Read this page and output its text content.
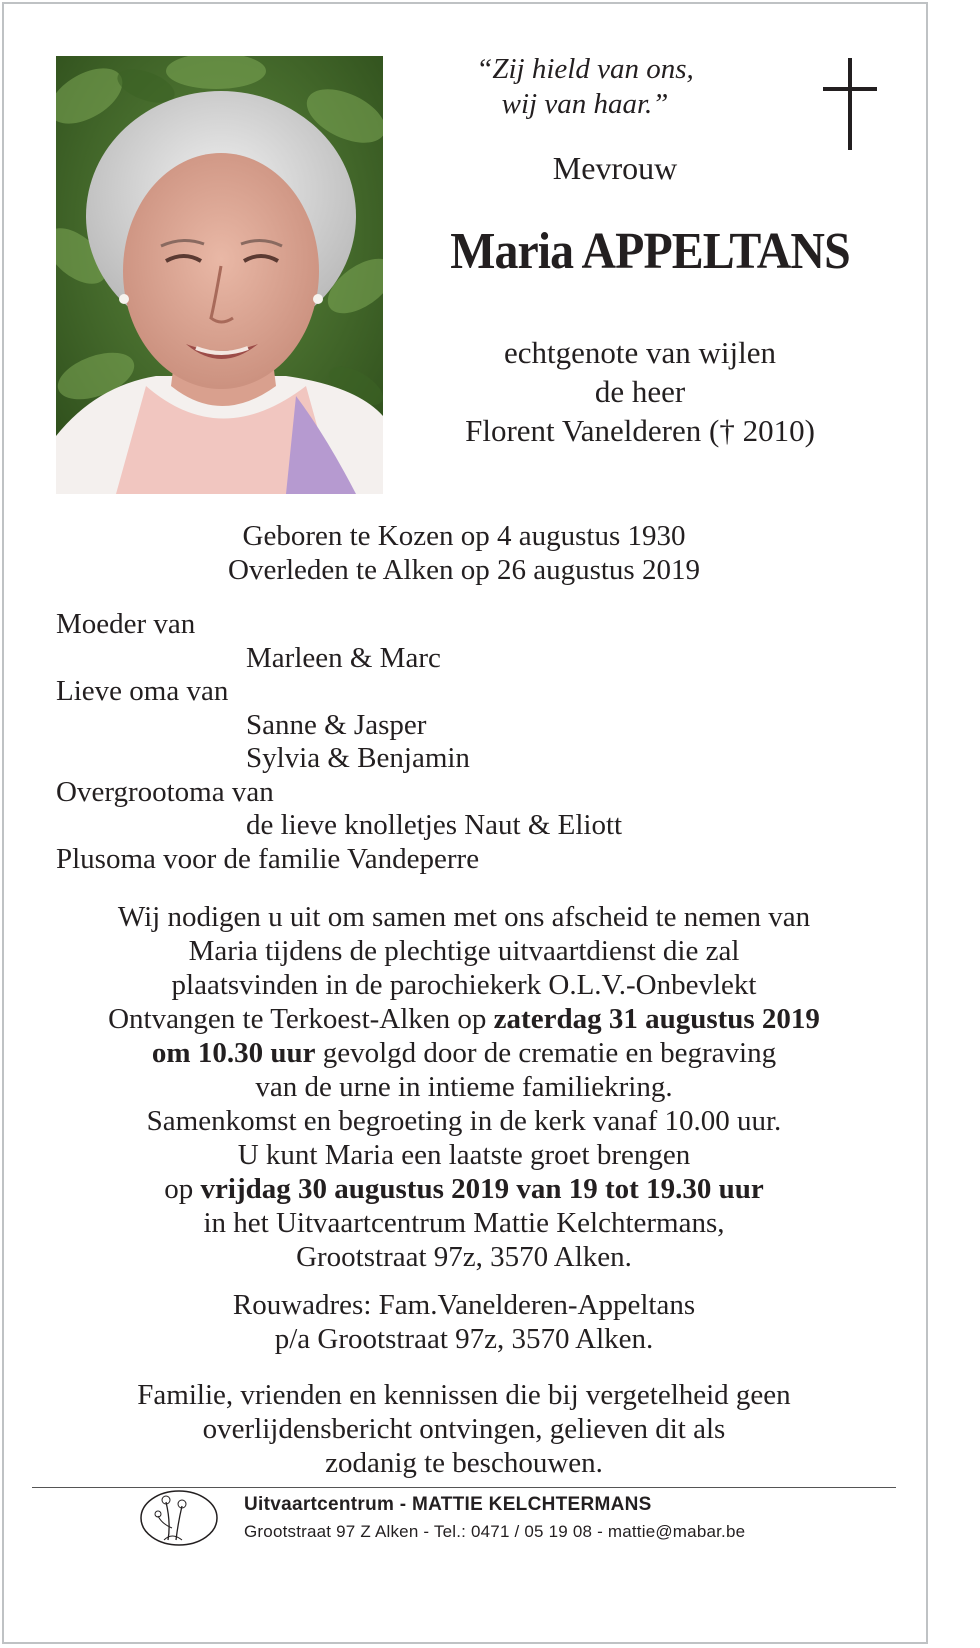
“Zij hield van ons,
wij van haar.”
Mevrouw
Maria APPELTANS
echtgenote van wijlen
de heer
Florent Vanelderen († 2010)
Geboren te Kozen op 4 augustus 1930
Overleden te Alken op 26 augustus 2019
Moeder van
Marleen & Marc
Lieve oma van
Sanne & Jasper
Sylvia & Benjamin
Overgrootoma van
de lieve knolletjes Naut & Eliott
Plusoma voor de familie Vandeperre
Wij nodigen u uit om samen met ons afscheid te nemen van
Maria tijdens de plechtige uitvaartdienst die zal
plaatsvinden in de parochiekerk O.L.V.-Onbevlekt
Ontvangen te Terkoest-Alken op zaterdag 31 augustus 2019
om 10.30 uur gevolgd door de crematie en begraving
van de urne in intieme familiekring.
Samenkomst en begroeting in de kerk vanaf 10.00 uur.
U kunt Maria een laatste groet brengen
op vrijdag 30 augustus 2019 van 19 tot 19.30 uur
in het Uitvaartcentrum Mattie Kelchtermans,
Grootstraat 97z, 3570 Alken.
Rouwadres: Fam.Vanelderen-Appeltans
p/a Grootstraat 97z, 3570 Alken.
Familie, vrienden en kennissen die bij vergetelheid geen
overlijdensbericht ontvingen, gelieven dit als
zodanig te beschouwen.
Uitvaartcentrum - MATTIE KELCHTERMANS
Grootstraat 97 Z Alken - Tel.: 0471 / 05 19 08 - mattie@mabar.be
